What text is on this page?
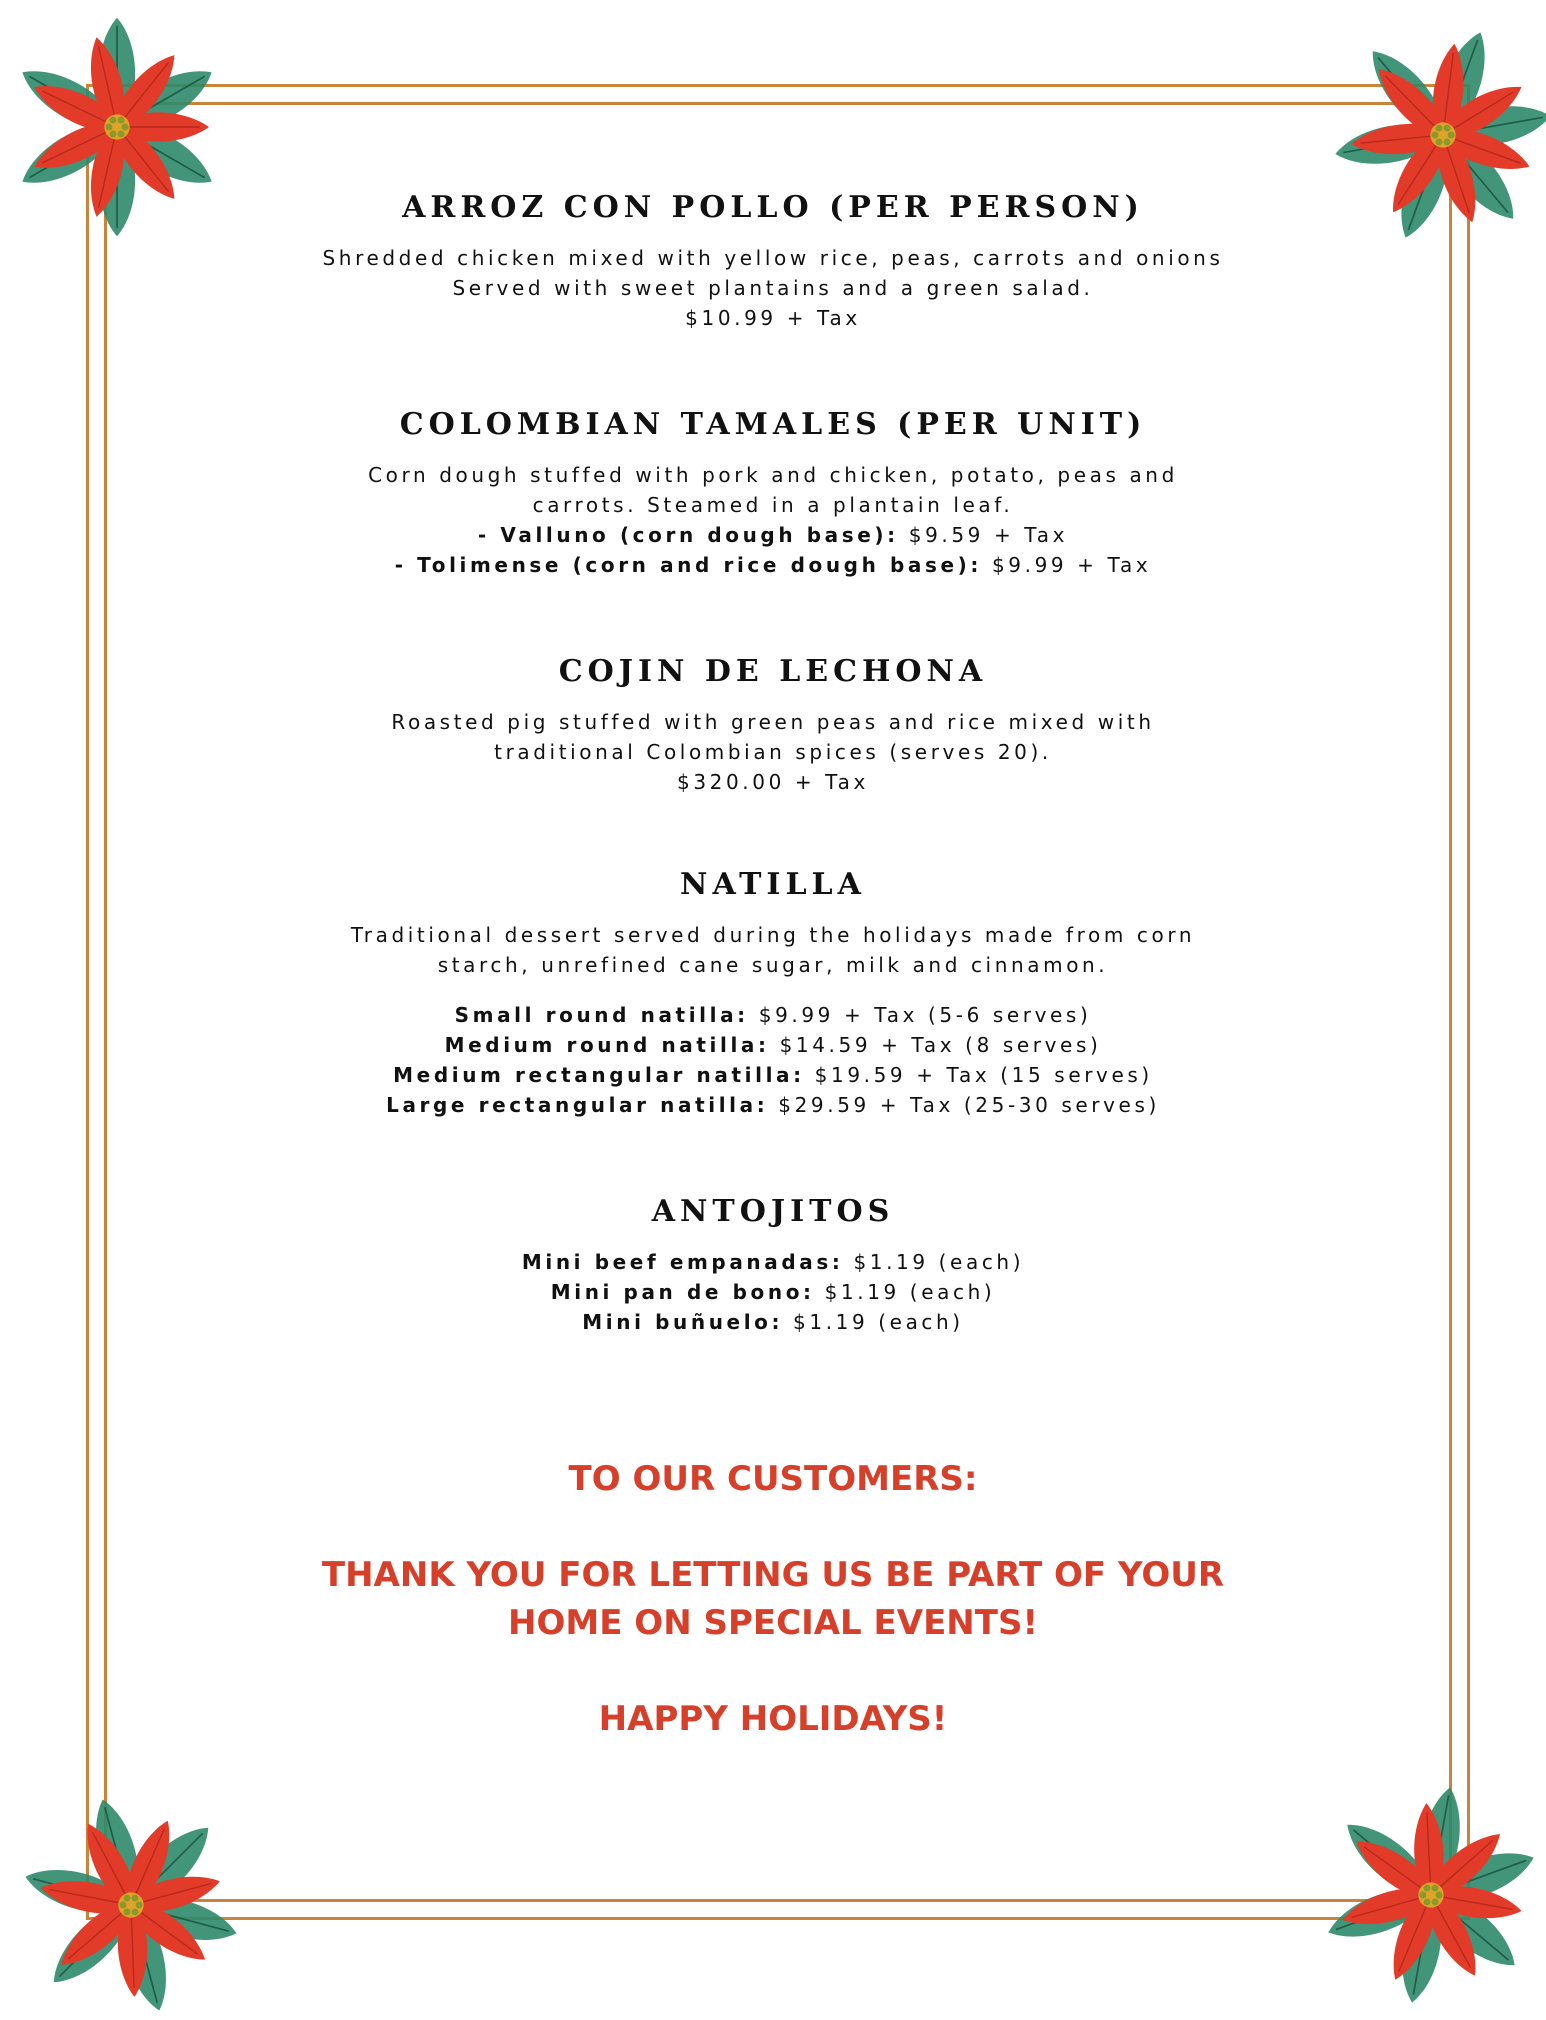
ARROZ CON POLLO (PER PERSON)

Shredded chicken mixed with yellow rice, peas, carrots and onions
Served with sweet plantains and a green salad.
$10.99 + Tax

COLOMBIAN TAMALES (PER UNIT)

Corn dough stuffed with pork and chicken, potato, peas and
carrots. Steamed in a plantain leaf.
- Valluno (corn dough base): $9.59 + Tax
- Tolimense (corn and rice dough base): $9.99 + Tax

COJIN DE LECHONA

Roasted pig stuffed with green peas and rice mixed with
traditional Colombian spices (serves 20).
$320.00 + Tax

NATILLA

Traditional dessert served during the holidays made from corn
starch, unrefined cane sugar, milk and cinnamon.

Small round natilla: $9.99 + Tax (5-6 serves)
Medium round natilla: $14.59 + Tax (8 serves)
Medium rectangular natilla: $19.59 + Tax (15 serves)
Large rectangular natilla: $29.59 + Tax (25-30 serves)

ANTOJITOS

Mini beef empanadas: $1.19 (each)
Mini pan de bono: $1.19 (each)
Mini buñuelo: $1.19 (each)

TO OUR CUSTOMERS:
THANK YOU FOR LETTING US BE PART OF YOUR
HOME ON SPECIAL EVENTS!
HAPPY HOLIDAYS!
